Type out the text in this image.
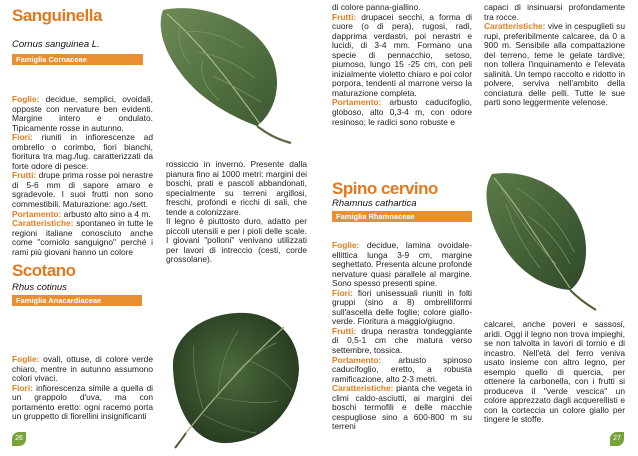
Sanguinella
Cornus sanguinea L.
Famiglia Cornaceae

Foglie: decidue, semplici, ovoidali, opposte con nervature ben evidenti. Margine intero e ondulato. Tipicamente rosse in autunno.

Fiori: riuniti in infiorescenze ad ombrello o corimbo, fiori bianchi, fioritura tra mag./lug. caratterizzati da forte odore di pesce.

Frutti: drupe prima rosse poi nerastre di 5-6 mm di sapore amaro e sgradevole. I suoi frutti non sono commestibili. Maturazione: ago./sett.

Portamento: arbusto alto sino a 4 m.

Caratteristiche: spontaneo in tutte le regioni italiane conosciuto anche come "corniolo sanguigno" perché i rami più giovani hanno un colore

rossiccio in inverno. Presente dalla pianura fino ai 1000 metri: margini dei boschi, prati e pascoli abbandonati, specialmente su terreni argillosi, freschi, profondi e ricchi di sali, che tende a colonizzare.

Il legno è piuttosto duro, adatto per piccoli utensili e per i pioli delle scale. I giovani "polloni" venivano utilizzati per lavori di intreccio (cesti, corde grossolane).

Scotano
Rhus cotinus
Famiglia Anacardiaceae

Foglie: ovali, ottuse, di colore verde chiaro, mentre in autunno assumono colori vivaci.

Fiori: infiorescenza simile a quella di un grappolo d'uva, ma con portamento eretto: ogni racemo porta un gruppetto di fiorellini insignificanti

26

di colore panna-giallino.

Frutti: drupacei secchi, a forma di cuore (o di pera), rugosi, radi, dapprima verdastri, poi nerastri e lucidi, di 3-4 mm. Formano una specie di pennacchio, setoso, piumoso, lungo 15 -25 cm, con peli inizialmente violetto chiaro e poi color porpora, tendenti al marrone verso la maturazione completa.

Portamento: arbusto caducifoglio, globoso, alto 0,3-4 m, con odore resinoso; le radici sono robuste e

capaci di insinuarsi profondamente tra rocce.

Caratteristiche: vive in cespuglieti su rupi, preferibilmente calcaree, da 0 a 900 m. Sensibile alla compattazione del terreno, teme le gelate tardive; non tollera l'inquinamento e l'elevata salinità. Un tempo raccolto e ridotto in polvere, serviva nell'ambito della conciatura delle pelli. Tutte le sue parti sono leggermente velenose.

Spino cervino
Rhamnus cathartica
Famiglia Rhamnaceae

Foglie: decidue, lamina ovoidale-ellittica lunga 3-9 cm, margine seghettato. Presenta alcune profonde nervature quasi parallele al margine. Sono spesso presenti spine.

Fiori: fiori unisessuali riuniti in folti gruppi (sino a 8) ombrelliformi sull'ascella delle foglie; colore giallo-verde. Fioritura a maggio/giugno.

Frutti: drupa nerastra tondeggiante di 0,5-1 cm che matura verso settembre, tossica.

Portamento: arbusto spinoso caducifoglio, eretto, a robusta ramificazione, alto 2-3 metri.

Caratteristiche: pianta che vegeta in climi caldo-asciutti, ai margini dei boschi termofili e delle macchie cespugliose sino a 600-800 m su terreni

calcarei, anche poveri e sassosi, aridi. Oggi il legno non trova impieghi, se non talvolta in lavori di tornio e di incastro. Nell'età del ferro veniva usato insieme con altro legno, per esempio quello di quercia, per ottenere la carbonella, con i frutti si produceva il "verde vescica" un colore apprezzato dagli acquerellisti e con la corteccia un colore giallo per tingere le stoffe.

27
